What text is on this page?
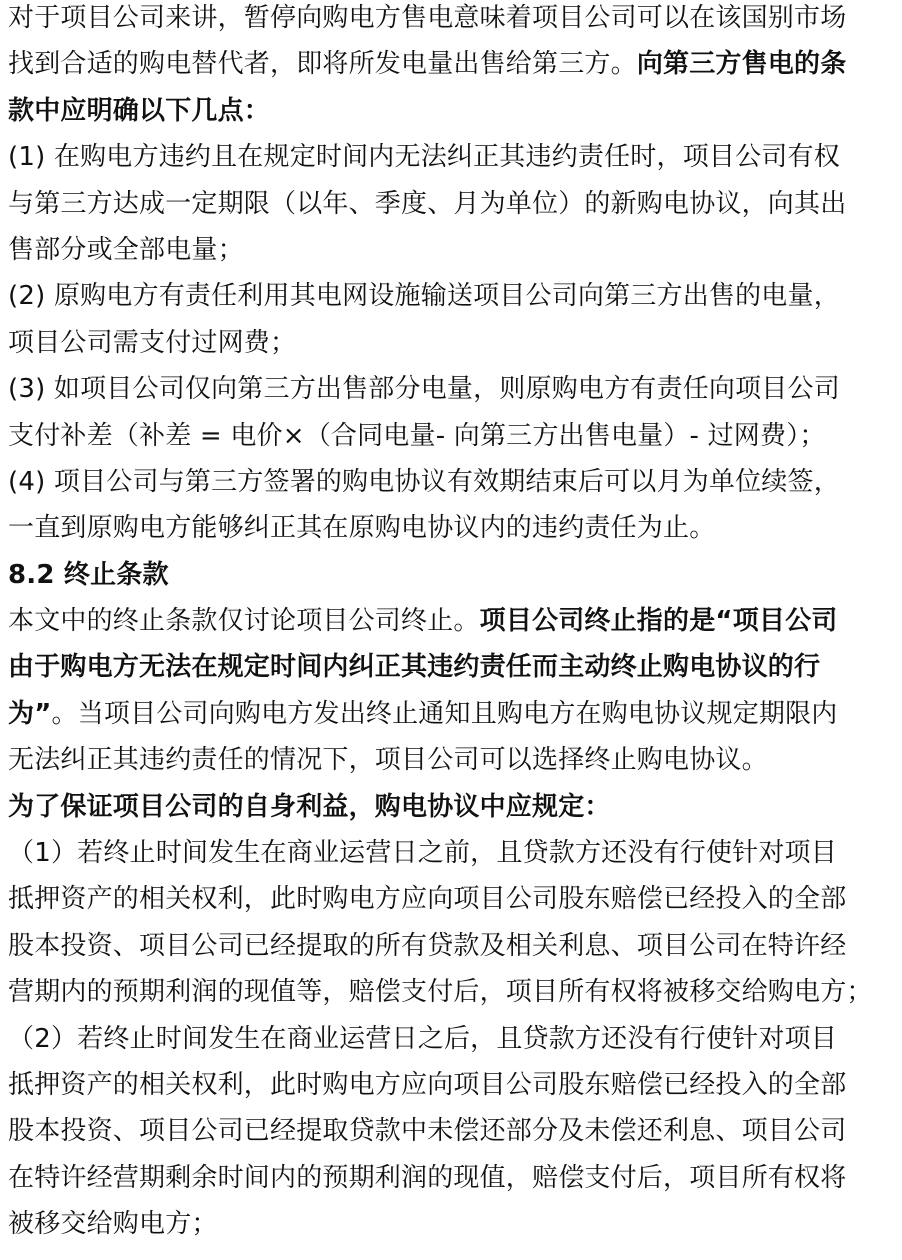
对于项目公司来讲，暂停向购电方售电意味着项目公司可以在该国别市场
找到合适的购电替代者，即将所发电量出售给第三方。向第三方售电的条
款中应明确以下几点：
(1) 在购电方违约且在规定时间内无法纠正其违约责任时，项目公司有权
与第三方达成一定期限（以年、季度、月为单位）的新购电协议，向其出
售部分或全部电量；
(2) 原购电方有责任利用其电网设施输送项目公司向第三方出售的电量，
项目公司需支付过网费；
(3) 如项目公司仅向第三方出售部分电量，则原购电方有责任向项目公司
支付补差（补差 = 电价×（合同电量- 向第三方出售电量）- 过网费）；
(4) 项目公司与第三方签署的购电协议有效期结束后可以月为单位续签，
一直到原购电方能够纠正其在原购电协议内的违约责任为止。
8.2 终止条款
本文中的终止条款仅讨论项目公司终止。项目公司终止指的是“项目公司
由于购电方无法在规定时间内纠正其违约责任而主动终止购电协议的行
为”。当项目公司向购电方发出终止通知且购电方在购电协议规定期限内
无法纠正其违约责任的情况下，项目公司可以选择终止购电协议。
为了保证项目公司的自身利益，购电协议中应规定：
（1）若终止时间发生在商业运营日之前，且贷款方还没有行使针对项目
抵押资产的相关权利，此时购电方应向项目公司股东赔偿已经投入的全部
股本投资、项目公司已经提取的所有贷款及相关利息、项目公司在特许经
营期内的预期利润的现值等，赔偿支付后，项目所有权将被移交给购电方；
（2）若终止时间发生在商业运营日之后，且贷款方还没有行使针对项目
抵押资产的相关权利，此时购电方应向项目公司股东赔偿已经投入的全部
股本投资、项目公司已经提取贷款中未偿还部分及未偿还利息、项目公司
在特许经营期剩余时间内的预期利润的现值，赔偿支付后，项目所有权将
被移交给购电方；
